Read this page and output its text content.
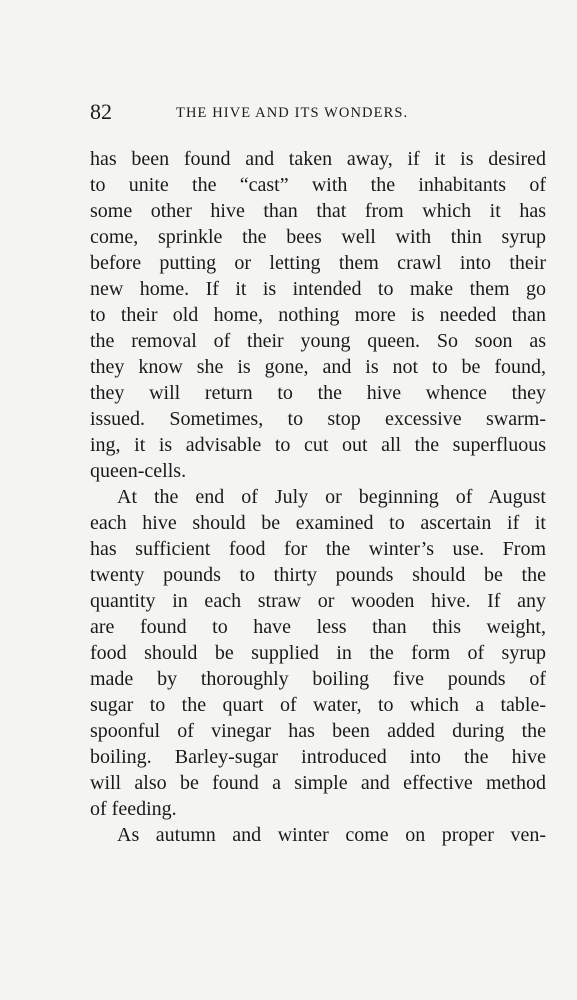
82	THE HIVE AND ITS WONDERS.
has been found and taken away, if it is desired
to unite the “cast” with the inhabitants of
some other hive than that from which it has
come, sprinkle the bees well with thin syrup
before putting or letting them crawl into their
new home. If it is intended to make them go
to their old home, nothing more is needed than
the removal of their young queen. So soon as
they know she is gone, and is not to be found,
they will return to the hive whence they
issued. Sometimes, to stop excessive swarm-
ing, it is advisable to cut out all the superfluous
queen-cells.
At the end of July or beginning of August
each hive should be examined to ascertain if it
has sufficient food for the winter’s use. From
twenty pounds to thirty pounds should be the
quantity in each straw or wooden hive. If any
are found to have less than this weight,
food should be supplied in the form of syrup
made by thoroughly boiling five pounds of
sugar to the quart of water, to which a table-
spoonful of vinegar has been added during the
boiling. Barley-sugar introduced into the hive
will also be found a simple and effective method
of feeding.
As autumn and winter come on proper ven-
